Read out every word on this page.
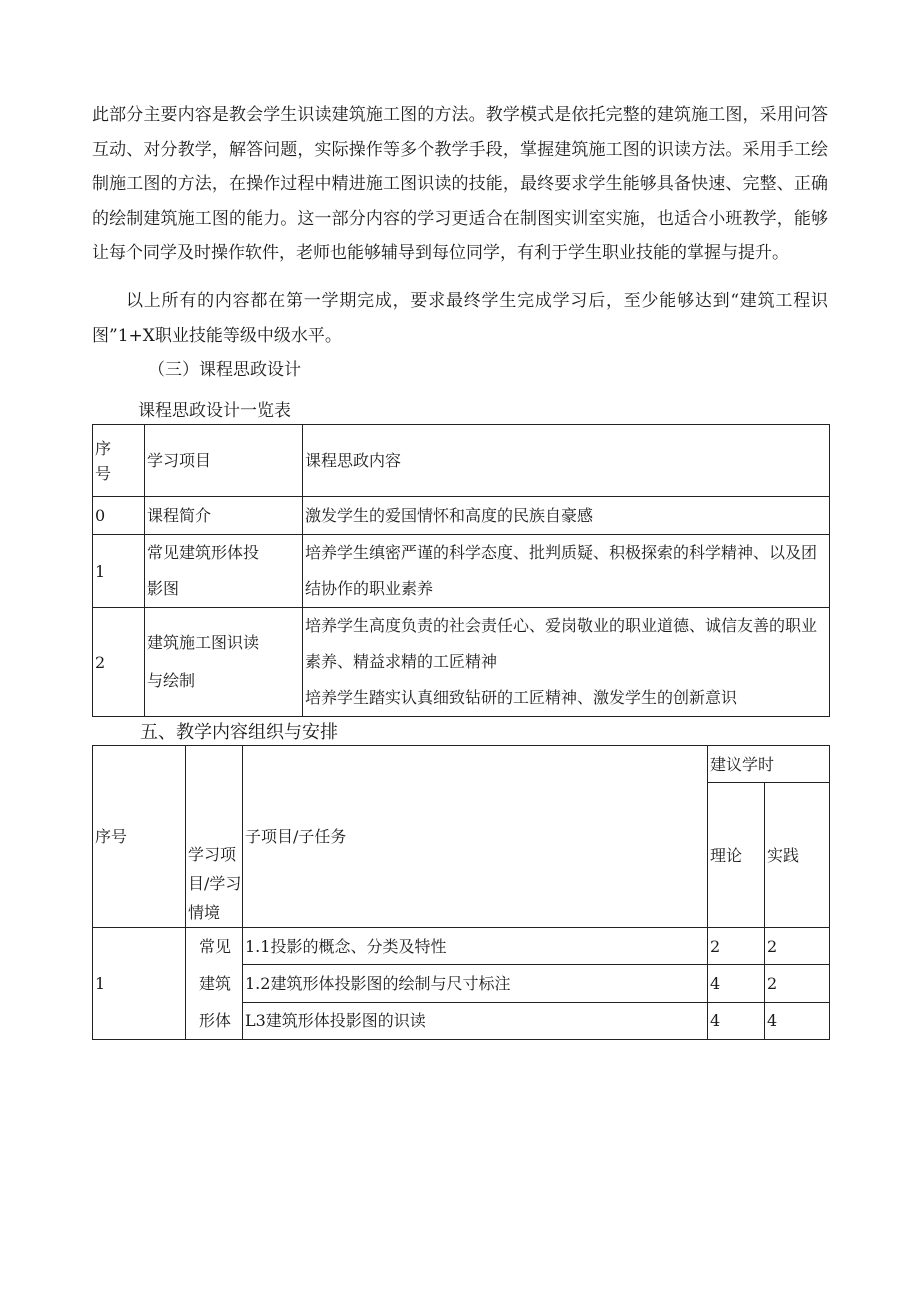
此部分主要内容是教会学生识读建筑施工图的方法。教学模式是依托完整的建筑施工图，采用问答互动、对分教学，解答问题，实际操作等多个教学手段，掌握建筑施工图的识读方法。采用手工绘制施工图的方法，在操作过程中精进施工图识读的技能，最终要求学生能够具备快速、完整、正确的绘制建筑施工图的能力。这一部分内容的学习更适合在制图实训室实施，也适合小班教学，能够让每个同学及时操作软件，老师也能够辅导到每位同学，有利于学生职业技能的掌握与提升。
以上所有的内容都在第一学期完成，要求最终学生完成学习后，至少能够达到“建筑工程识图”1+X职业技能等级中级水平。
（三）课程思政设计
课程思政设计一览表
序号	学习项目	课程思政内容
0	课程简介	激发学生的爱国情怀和高度的民族自豪感
1	常见建筑形体投影图	培养学生缜密严谨的科学态度、批判质疑、积极探索的科学精神、以及团结协作的职业素养
2	建筑施工图识读与绘制	培养学生高度负责的社会责任心、爱岗敬业的职业道德、诚信友善的职业素养、精益求精的工匠精神
培养学生踏实认真细致钻研的工匠精神、激发学生的创新意识
五、教学内容组织与安排
序号	学习项目/学习情境	子项目/子任务	建议学时	
			理论	实践
1	常见建筑形体	1.1投影的概念、分类及特性	2	2
		1.2建筑形体投影图的绘制与尺寸标注	4	2
		L3建筑形体投影图的识读	4	4
